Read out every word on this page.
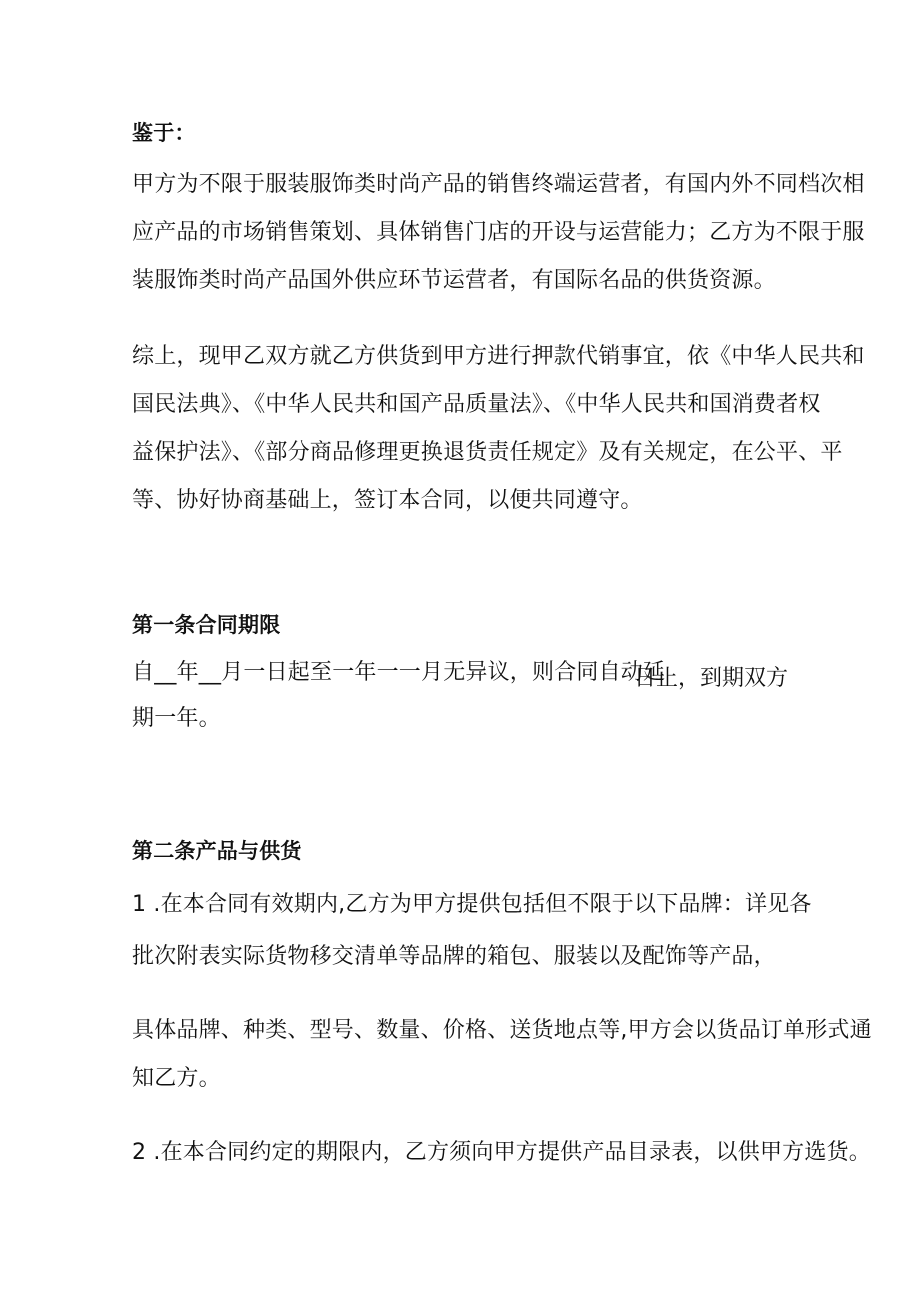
鉴于：
甲方为不限于服装服饰类时尚产品的销售终端运营者，有国内外不同档次相
应产品的市场销售策划、具体销售门店的开设与运营能力；乙方为不限于服
装服饰类时尚产品国外供应环节运营者，有国际名品的供货资源。
综上，现甲乙双方就乙方供货到甲方进行押款代销事宜，依《中华人民共和
国民法典》、《中华人民共和国产品质量法》、《中华人民共和国消费者权
益保护法》、《部分商品修理更换退货责任规定》及有关规定，在公平、平
等、协好协商基础上，签订本合同，以便共同遵守。
第一条合同期限
自__年__月一日起至一年一一月无异议，则合同自动延
日止，到期双方
期一年。
第二条产品与供货
1 .在本合同有效期内,乙方为甲方提供包括但不限于以下品牌：详见各
批次附表实际货物移交清单等品牌的箱包、服装以及配饰等产品，
具体品牌、种类、型号、数量、价格、送货地点等,甲方会以货品订单形式通
知乙方。
2 .在本合同约定的期限内，乙方须向甲方提供产品目录表，以供甲方选货。
